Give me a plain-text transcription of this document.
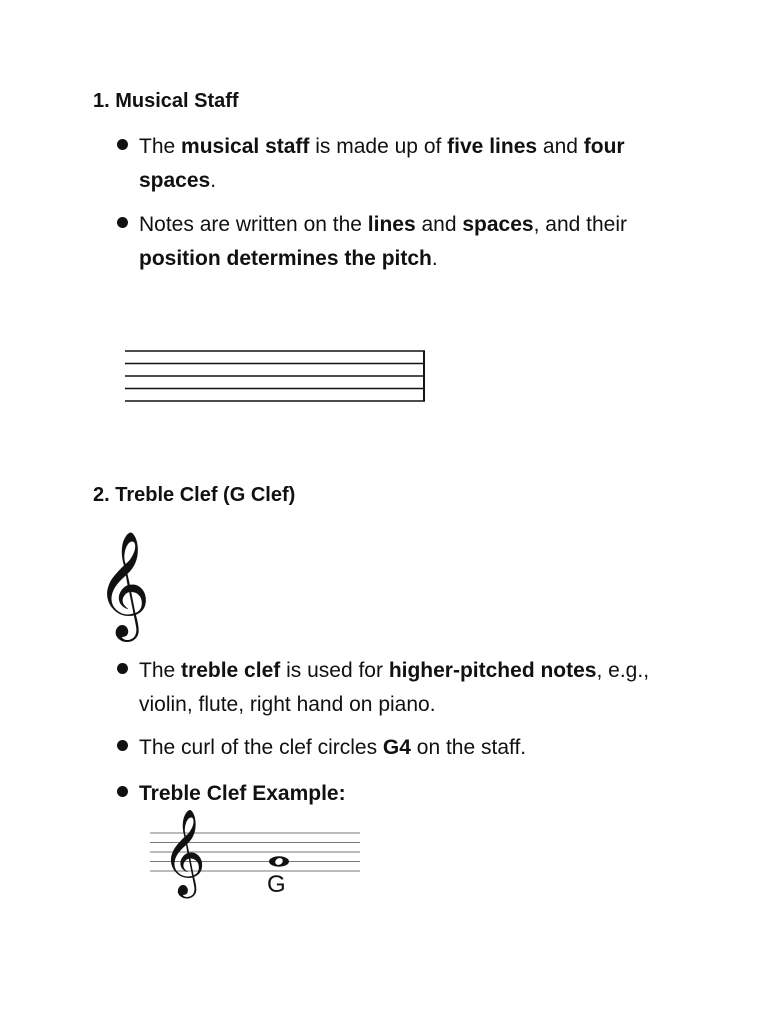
1. Musical Staff
The musical staff is made up of five lines and four spaces.
Notes are written on the lines and spaces, and their position determines the pitch.
2. Treble Clef (G Clef)
𝄞
The treble clef is used for higher-pitched notes, e.g., violin, flute, right hand on piano.
The curl of the clef circles G4 on the staff.
Treble Clef Example:
𝄞	G
